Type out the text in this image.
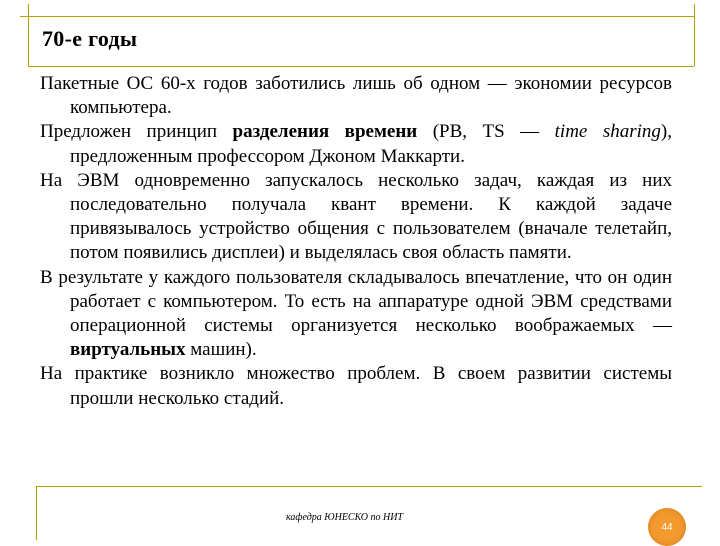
70-е годы

Пакетные ОС 60-х годов заботились лишь об одном — экономии ресурсов компьютера.

Предложен принцип разделения времени (РВ, TS — time sharing), предложенным профессором Джоном Маккарти.

На ЭВМ одновременно запускалось несколько задач, каждая из них последовательно получала квант времени. К каждой задаче привязывалось устройство общения с пользователем (вначале телетайп, потом появились дисплеи) и выделялась своя область памяти.

В результате у каждого пользователя складывалось впечатление, что он один работает с компьютером. То есть на аппаратуре одной ЭВМ средствами операционной системы организуется несколько воображаемых — виртуальных машин).

На практике возникло множество проблем. В своем развитии системы прошли несколько стадий.

кафедра ЮНЕСКО по НИТ
44
